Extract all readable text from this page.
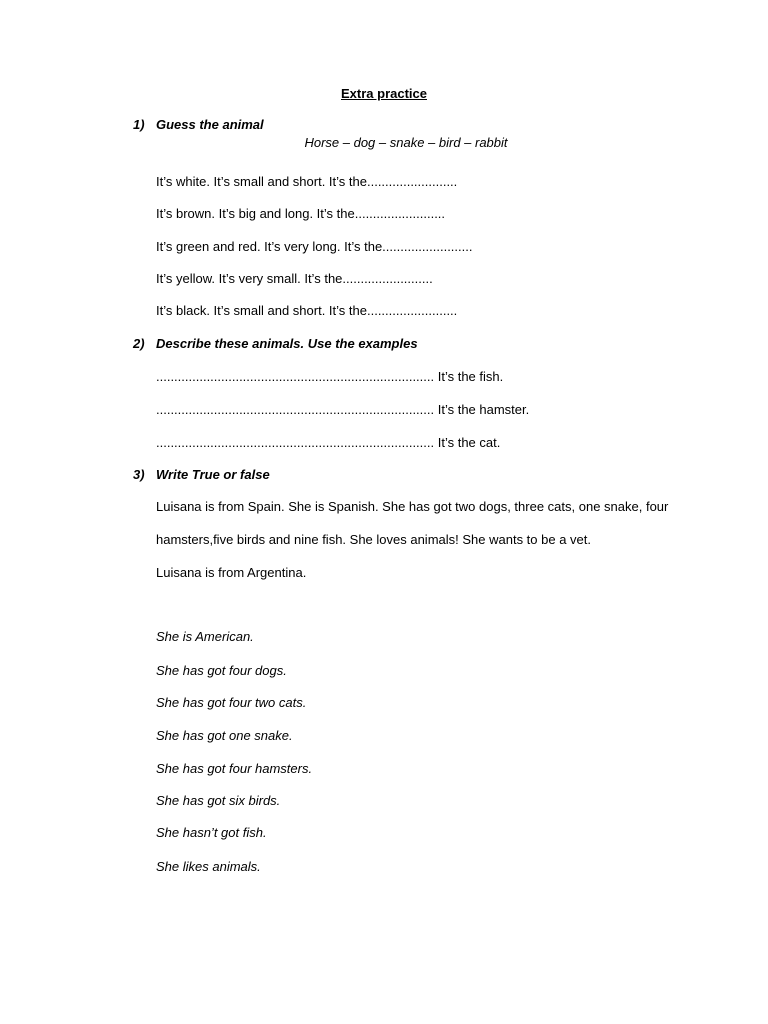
Extra practice
1) Guess the animal
Horse – dog – snake – bird – rabbit
It’s white. It’s small and short. It’s the.........................
It’s brown. It’s big and long. It’s the.........................
It’s green and red. It’s very long. It’s the.........................
It’s yellow. It’s very small. It’s the.........................
It’s black. It’s small and short. It’s the.........................
2) Describe these animals. Use the examples
............................................................................. It’s the fish.
............................................................................. It’s the hamster.
............................................................................. It’s the cat.
3) Write True or false
Luisana is from Spain. She is Spanish. She has got two dogs, three cats, one snake, four
hamsters,five birds and nine fish. She loves animals! She wants to be a vet.
Luisana is from Argentina.
She is American.
She has got four dogs.
She has got four two cats.
She has got one snake.
She has got four hamsters.
She has got six birds.
She hasn’t got fish.
She likes animals.
